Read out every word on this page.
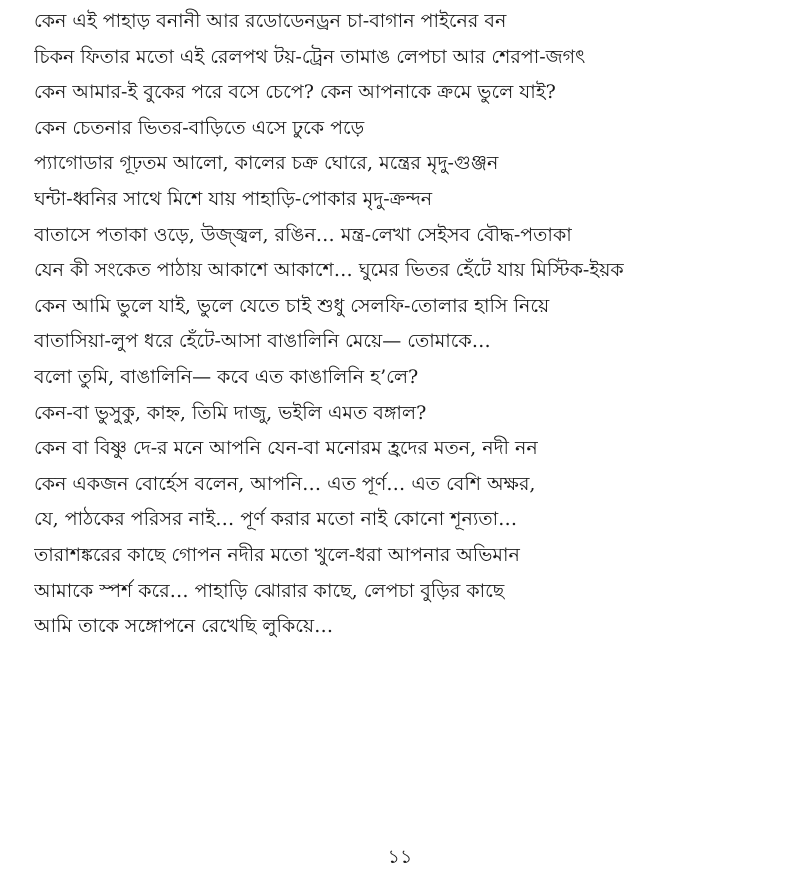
কেন এই পাহাড় বনানী আর রডোডেনড্রন চা-বাগান পাইনের বন
চিকন ফিতার মতো এই রেলপথ টয়-ট্রেন তামাঙ লেপচা আর শেরপা-জগৎ
কেন আমার-ই বুকের পরে বসে চেপে? কেন আপনাকে ক্রমে ভুলে যাই?
কেন চেতনার ভিতর-বাড়িতে এসে ঢুকে পড়ে
প্যাগোডার গূঢ়তম আলো, কালের চক্র ঘোরে, মন্ত্রের মৃদু-গুঞ্জন
ঘন্টা-ধ্বনির সাথে মিশে যায় পাহাড়ি-পোকার মৃদু-ক্রন্দন
বাতাসে পতাকা ওড়ে, উজ্জ্বল, রঙিন… মন্ত্র-লেখা সেইসব বৌদ্ধ-পতাকা
যেন কী সংকেত পাঠায় আকাশে আকাশে… ঘুমের ভিতর হেঁটে যায় মিস্টিক-ইয়ক
কেন আমি ভুলে যাই, ভুলে যেতে চাই শুধু সেলফি-তোলার হাসি নিয়ে
বাতাসিয়া-লুপ ধরে হেঁটে-আসা বাঙালিনি মেয়ে— তোমাকে…
বলো তুমি, বাঙালিনি— কবে এত কাঙালিনি হ’লে?
কেন-বা ভুসুকু, কাহ্ন, তিমি দাজু, ভইলি এমত বঙ্গাল?
কেন বা বিষ্ণু দে-র মনে আপনি যেন-বা মনোরম হ্রদের মতন, নদী নন
কেন একজন বোর্হেস বলেন, আপনি… এত পূর্ণ… এত বেশি অক্ষর,
যে, পাঠকের পরিসর নাই… পূর্ণ করার মতো নাই কোনো শূন্যতা…
তারাশঙ্করের কাছে গোপন নদীর মতো খুলে-ধরা আপনার অভিমান
আমাকে স্পর্শ করে… পাহাড়ি ঝোরার কাছে, লেপচা বুড়ির কাছে
আমি তাকে সঙ্গোপনে রেখেছি লুকিয়ে…
১১
